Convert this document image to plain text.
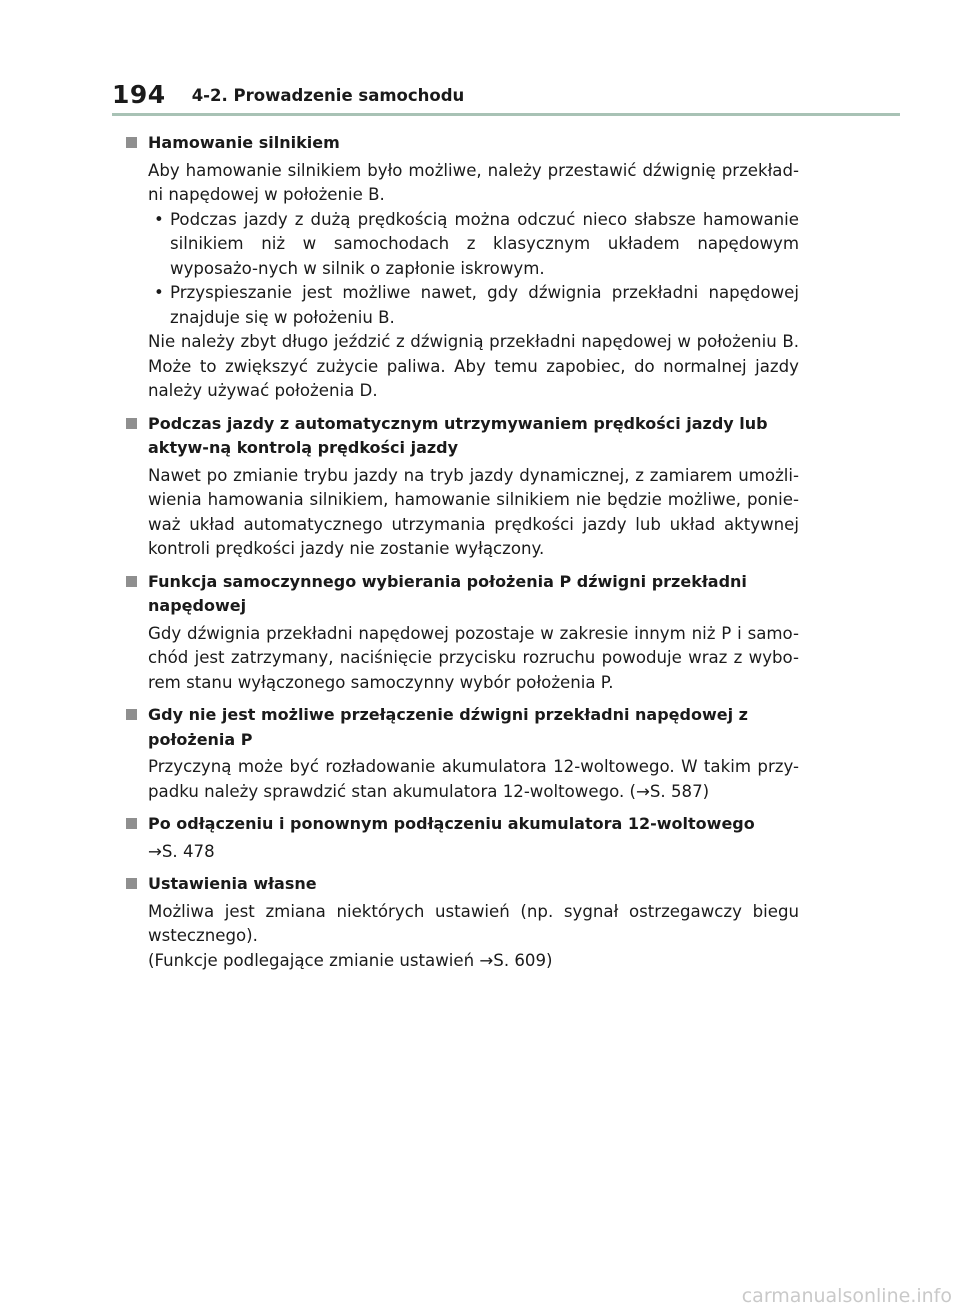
194 4-2. Prowadzenie samochodu
Hamowanie silnikiem
Aby hamowanie silnikiem było możliwe, należy przestawić dźwignię przekład-ni napędowej w położenie B.
• Podczas jazdy z dużą prędkością można odczuć nieco słabsze hamowanie silnikiem niż w samochodach z klasycznym układem napędowym wyposażo-nych w silnik o zapłonie iskrowym.
• Przyspieszanie jest możliwe nawet, gdy dźwignia przekładni napędowej znajduje się w położeniu B.
Nie należy zbyt długo jeździć z dźwignią przekładni napędowej w położeniu B. Może to zwiększyć zużycie paliwa. Aby temu zapobiec, do normalnej jazdy należy używać położenia D.
Podczas jazdy z automatycznym utrzymywaniem prędkości jazdy lub aktyw-ną kontrolą prędkości jazdy
Nawet po zmianie trybu jazdy na tryb jazdy dynamicznej, z zamiarem umożli-wienia hamowania silnikiem, hamowanie silnikiem nie będzie możliwe, ponie-waż układ automatycznego utrzymania prędkości jazdy lub układ aktywnej kontroli prędkości jazdy nie zostanie wyłączony.
Funkcja samoczynnego wybierania położenia P dźwigni przekładni napędowej
Gdy dźwignia przekładni napędowej pozostaje w zakresie innym niż P i samo-chód jest zatrzymany, naciśnięcie przycisku rozruchu powoduje wraz z wybo-rem stanu wyłączonego samoczynny wybór położenia P.
Gdy nie jest możliwe przełączenie dźwigni przekładni napędowej z położenia P
Przyczyną może być rozładowanie akumulatora 12-woltowego. W takim przy-padku należy sprawdzić stan akumulatora 12-woltowego. (→S. 587)
Po odłączeniu i ponownym podłączeniu akumulatora 12-woltowego
→S. 478
Ustawienia własne
Możliwa jest zmiana niektórych ustawień (np. sygnał ostrzegawczy biegu wstecznego).
(Funkcje podlegające zmianie ustawień →S. 609)
carmanualsonline.info
